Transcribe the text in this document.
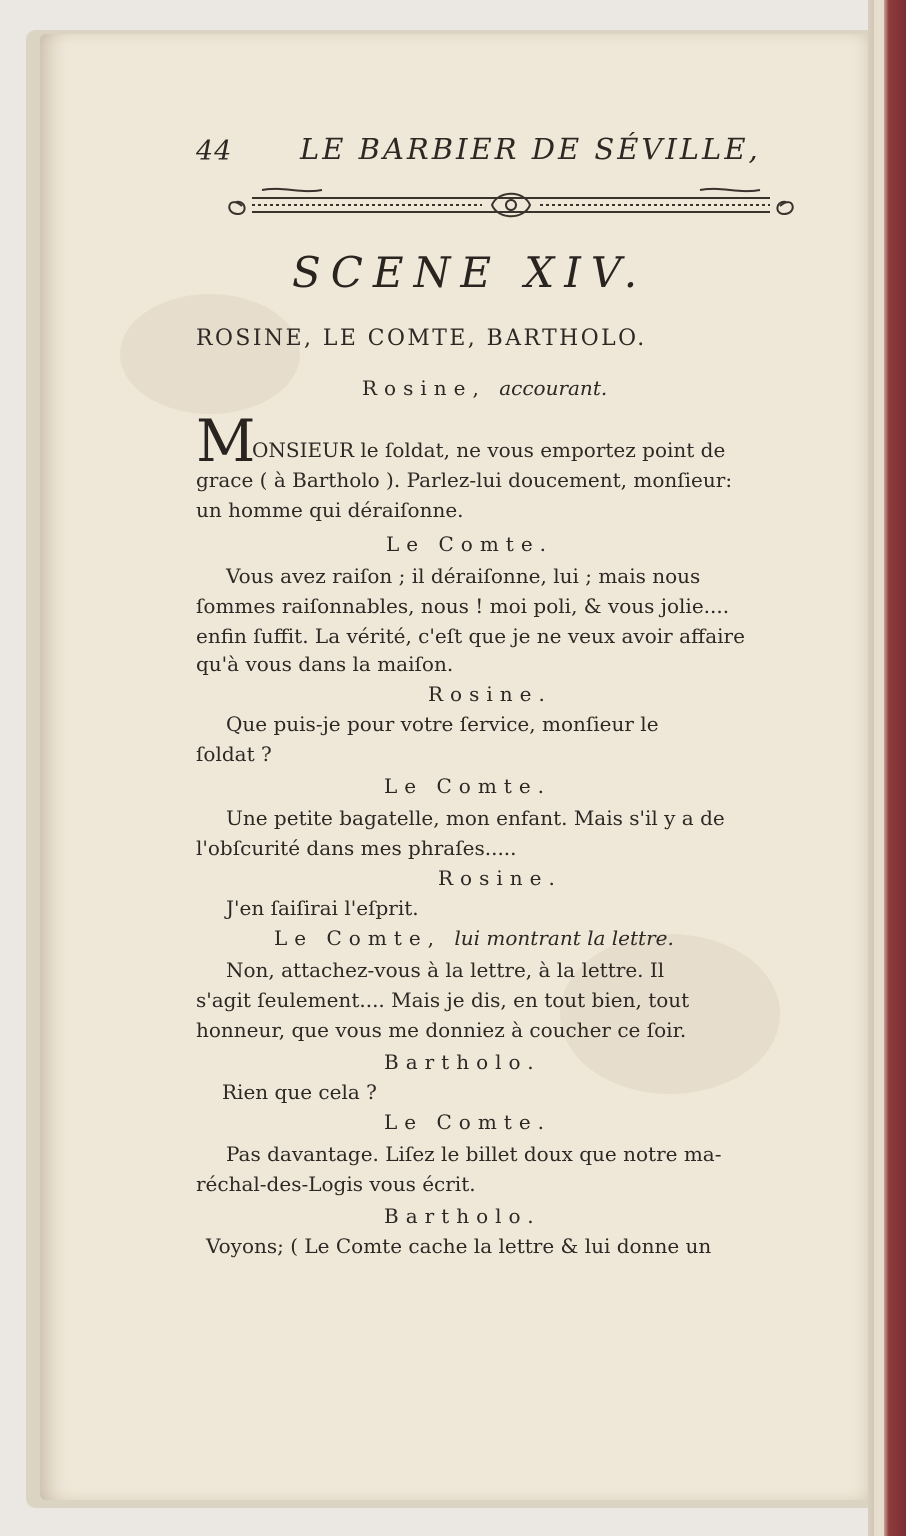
44 LE BARBIER DE SÉVILLE,
SCENE XIV.
ROSINE, LE COMTE, BARTHOLO.
Rosine, accourant.
M
ONSIEUR le ſoldat, ne vous emportez point de
grace ( à Bartholo ). Parlez-lui doucement, monſieur:
un homme qui déraiſonne.
Le Comte.
Vous avez raiſon ; il déraiſonne, lui ; mais nous
ſommes raiſonnables, nous ! moi poli, & vous jolie....
enfin ſuffit. La vérité, c'eſt que je ne veux avoir affaire
qu'à vous dans la maiſon.
Rosine.
Que puis-je pour votre ſervice, monſieur le
ſoldat ?
Le Comte.
Une petite bagatelle, mon enfant. Mais s'il y a de
l'obſcurité dans mes phraſes.....
Rosine.
J'en ſaiſirai l'eſprit.
Le Comte, lui montrant la lettre.
Non, attachez-vous à la lettre, à la lettre. Il
s'agit ſeulement.... Mais je dis, en tout bien, tout
honneur, que vous me donniez à coucher ce ſoir.
Bartholo.
Rien que cela ?
Le Comte.
Pas davantage. Liſez le billet doux que notre ma-
réchal-des-Logis vous écrit.
Bartholo.
Voyons; ( Le Comte cache la lettre & lui donne un
